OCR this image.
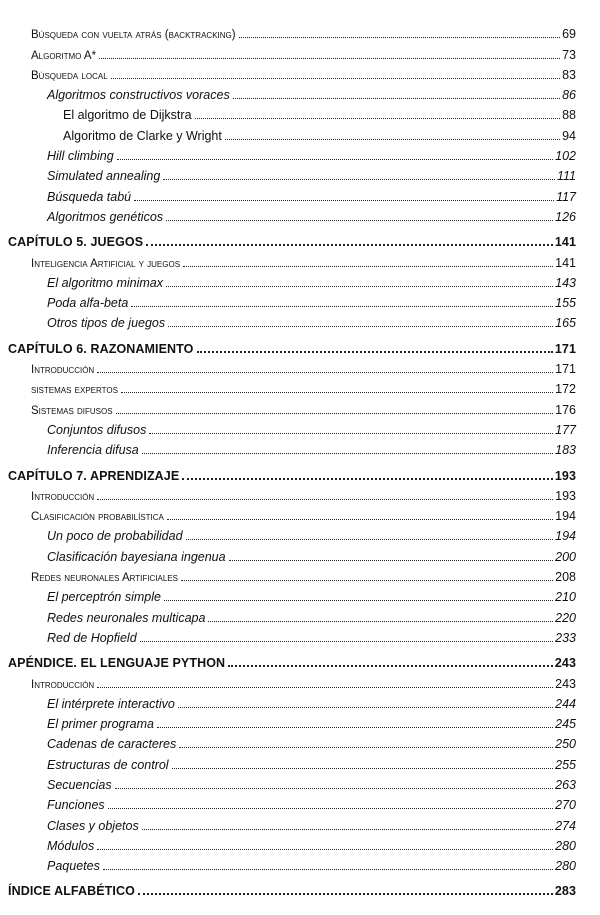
Búsqueda con vuelta atrás (backtracking)	69
Algoritmo A*	73
Búsqueda local	83
Algoritmos constructivos voraces	86
El algoritmo de Dijkstra	88
Algoritmo de Clarke y Wright	94
Hill climbing	102
Simulated annealing	111
Búsqueda tabú	117
Algoritmos genéticos	126
CAPÍTULO 5. JUEGOS	141
Inteligencia Artificial y juegos	141
El algoritmo minimax	143
Poda alfa-beta	155
Otros tipos de juegos	165
CAPÍTULO 6. RAZONAMIENTO	171
Introducción	171
sistemas expertos	172
Sistemas difusos	176
Conjuntos difusos	177
Inferencia difusa	183
CAPÍTULO 7. APRENDIZAJE	193
Introducción	193
Clasificación probabilística	194
Un poco de probabilidad	194
Clasificación bayesiana ingenua	200
Redes neuronales Artificiales	208
El perceptrón simple	210
Redes neuronales multicapa	220
Red de Hopfield	233
APÉNDICE. EL LENGUAJE PYTHON	243
Introducción	243
El intérprete interactivo	244
El primer programa	245
Cadenas de caracteres	250
Estructuras de control	255
Secuencias	263
Funciones	270
Clases y objetos	274
Módulos	280
Paquetes	280
ÍNDICE ALFABÉTICO	283
